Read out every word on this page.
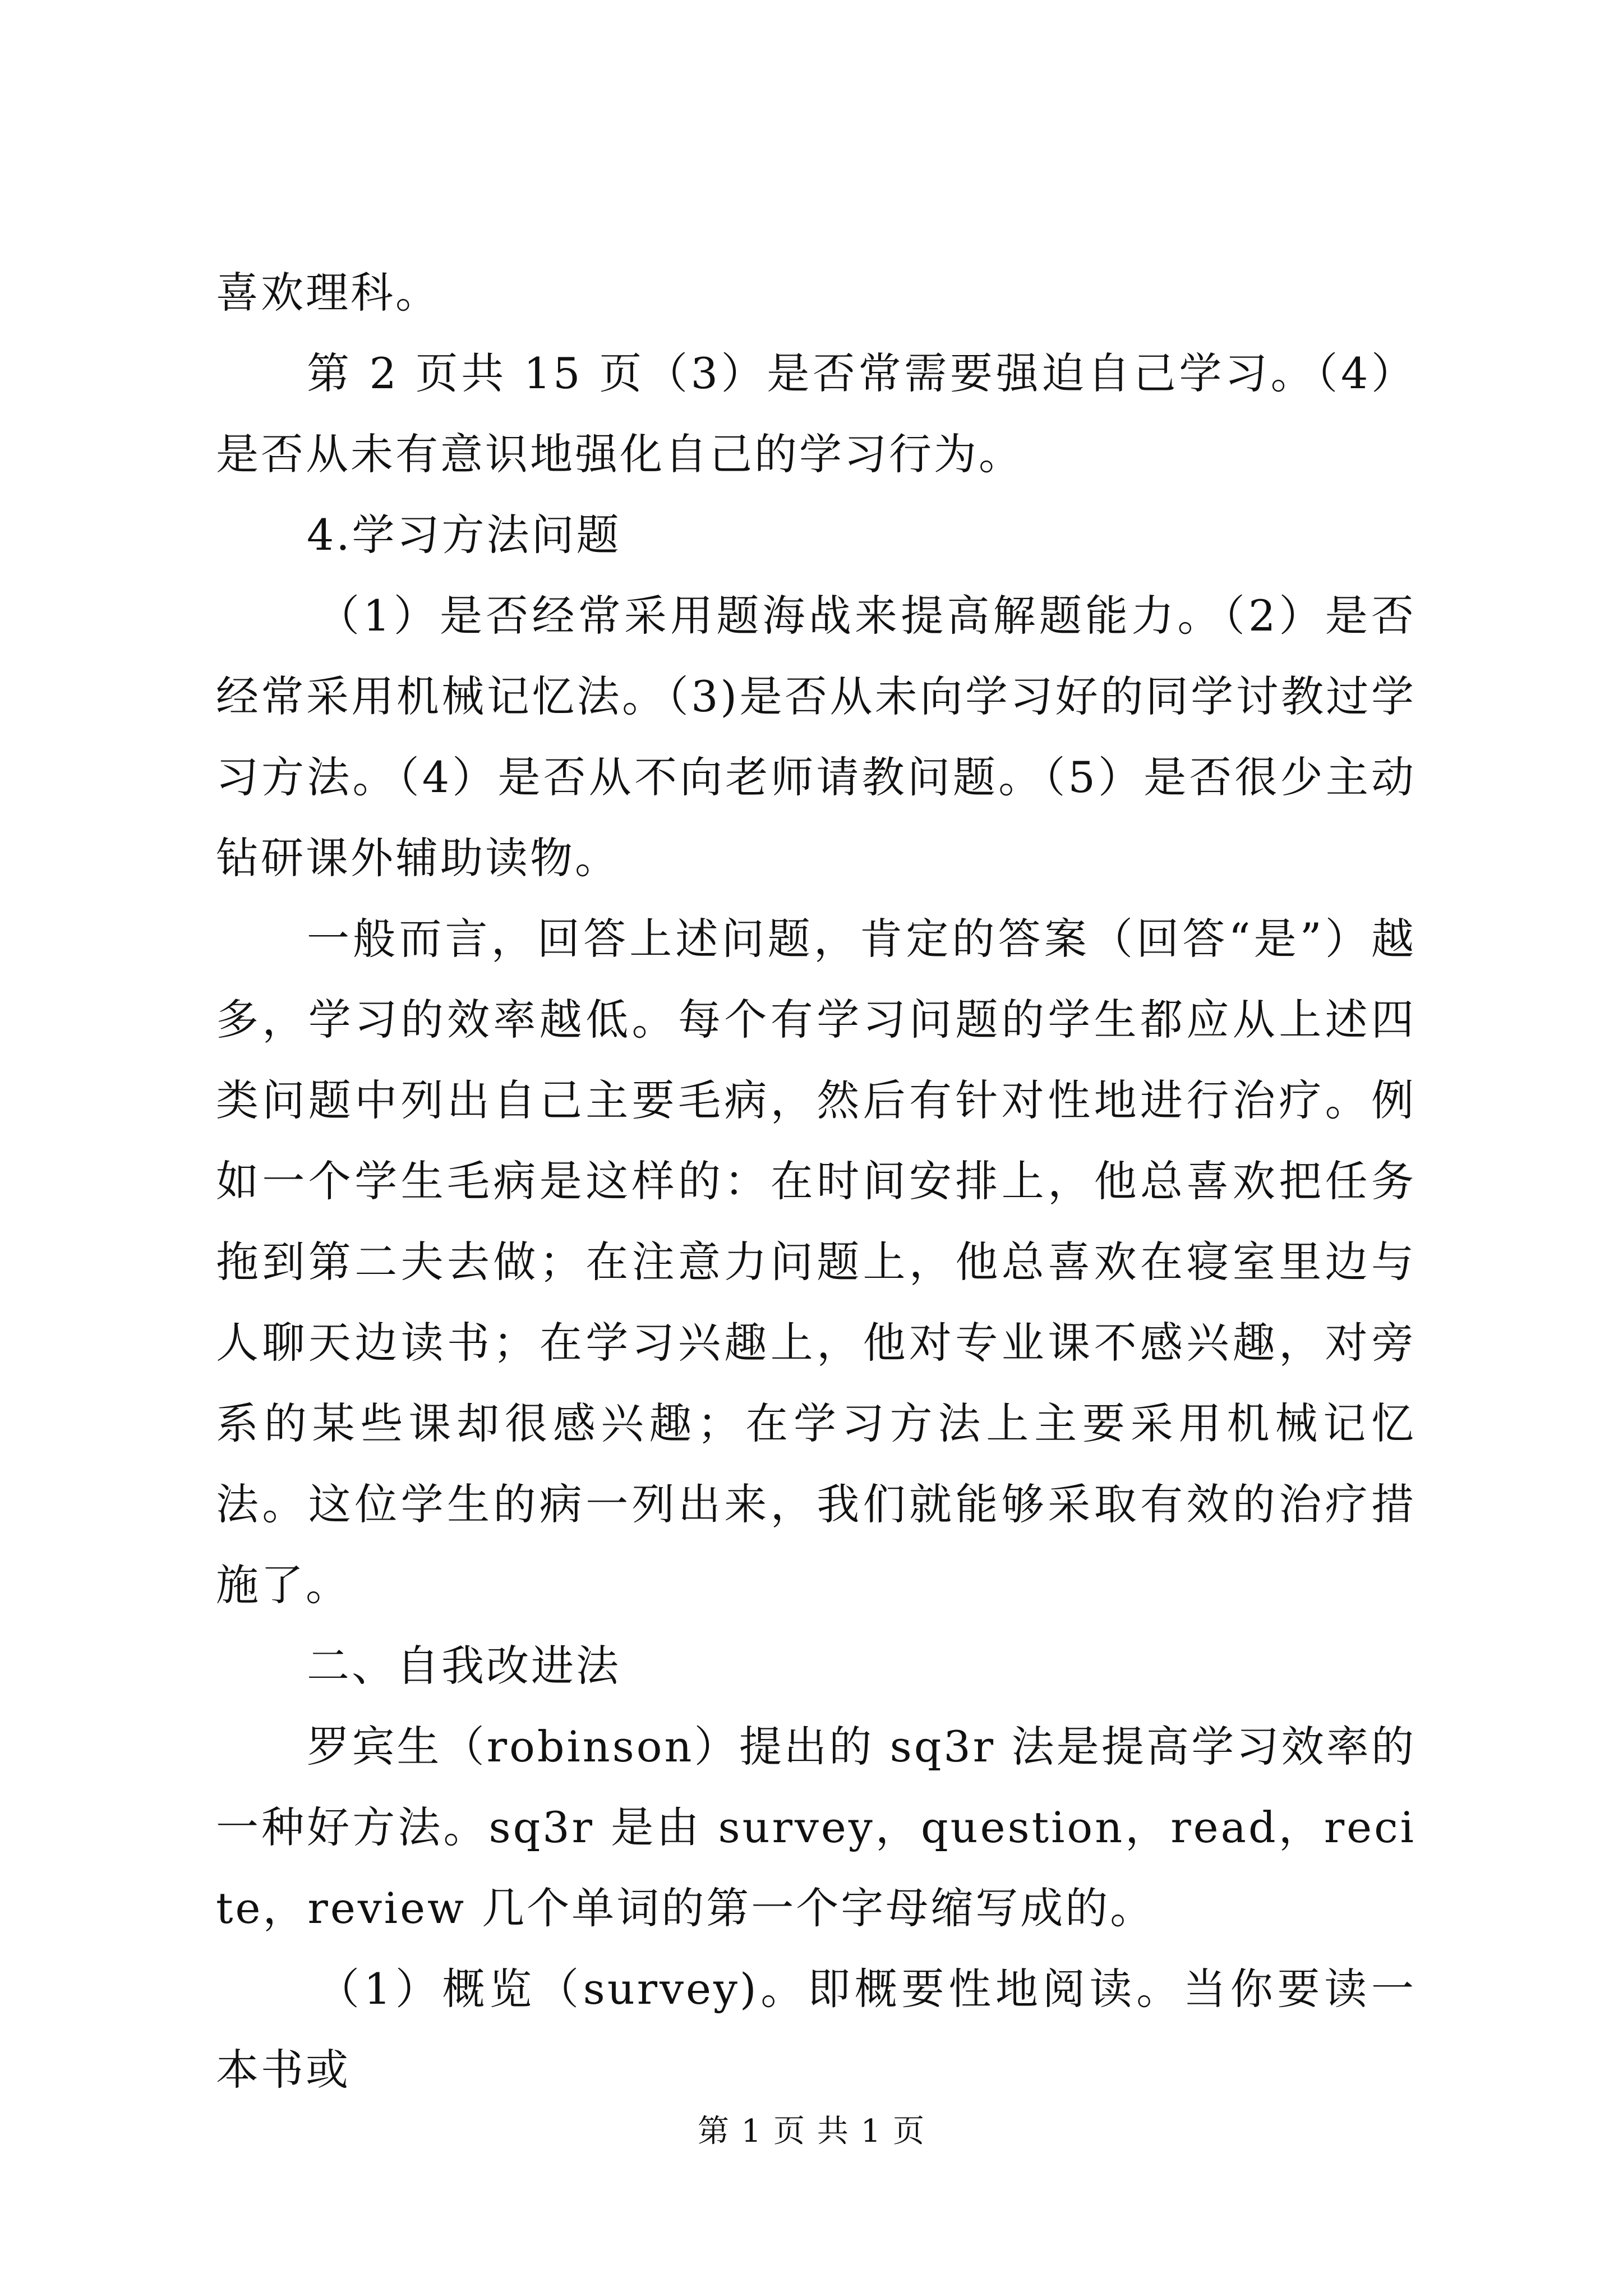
喜欢理科。

第 2 页共 15 页（3）是否常需要强迫自己学习。（4）是否从未有意识地强化自己的学习行为。

4.学习方法问题

（1）是否经常采用题海战来提高解题能力。（2）是否经常采用机械记忆法。（3)是否从未向学习好的同学讨教过学习方法。（4）是否从不向老师请教问题。（5）是否很少主动钻研课外辅助读物。

一般而言，回答上述问题，肯定的答案（回答“是”）越多，学习的效率越低。每个有学习问题的学生都应从上述四类问题中列出自己主要毛病，然后有针对性地进行治疗。例如一个学生毛病是这样的：在时间安排上，他总喜欢把任务拖到第二夫去做；在注意力问题上，他总喜欢在寝室里边与人聊天边读书；在学习兴趣上，他对专业课不感兴趣，对旁系的某些课却很感兴趣；在学习方法上主要采用机械记忆法。这位学生的病一列出来，我们就能够采取有效的治疗措施了。

二、自我改进法

罗宾生（robinson）提出的 sq3r 法是提高学习效率的一种好方法。sq3r 是由 survey，question，read，recite，review 几个单词的第一个字母缩写成的。

（1）概览（survey)。即概要性地阅读。当你要读一本书或

第 1 页 共 1 页
